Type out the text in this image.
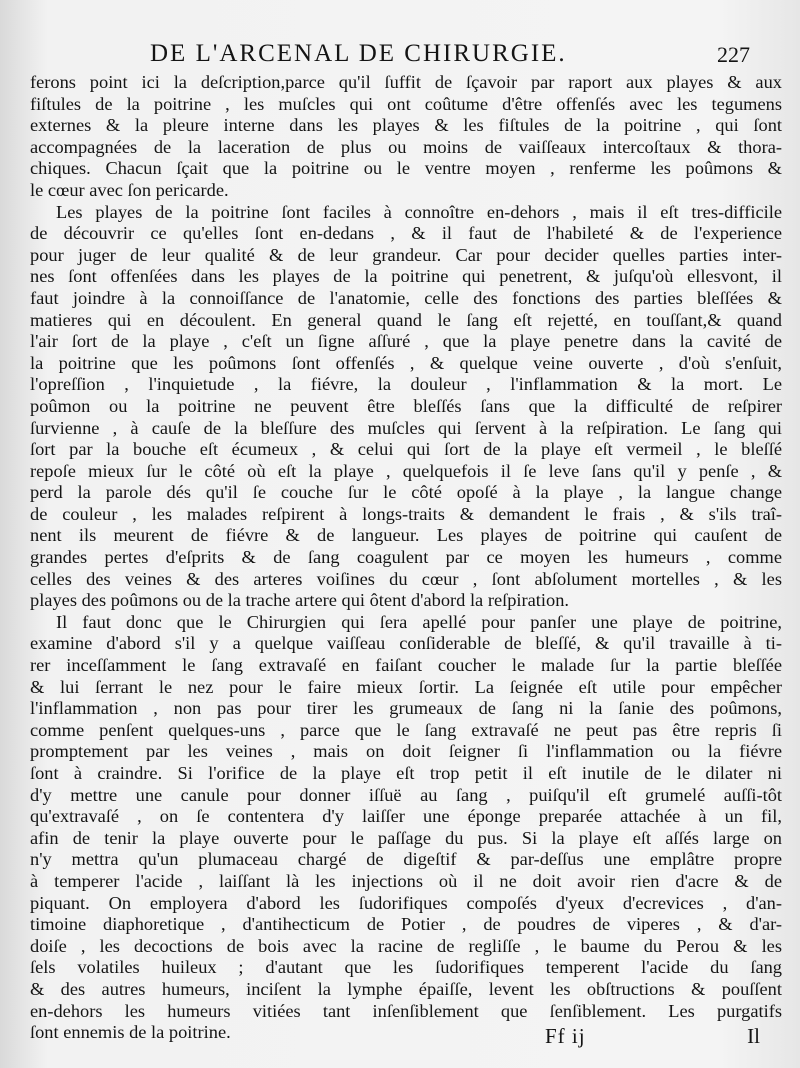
DE L'ARCENAL DE CHIRURGIE.	227
ferons point ici la deſcription,parce qu'il ſuffit de ſçavoir par raport aux playes & aux
fiſtules de la poitrine , les muſcles qui ont coûtume d'être offenſés avec les tegumens
externes & la pleure interne dans les playes & les fiſtules de la poitrine , qui ſont
accompagnées de la laceration de plus ou moins de vaiſſeaux intercoſtaux & thora-
chiques. Chacun ſçait que la poitrine ou le ventre moyen , renferme les poûmons &
le cœur avec ſon pericarde.
Les playes de la poitrine ſont faciles à connoître en-dehors , mais il eſt tres-difficile
de découvrir ce qu'elles ſont en-dedans , & il faut de l'habileté & de l'experience
pour juger de leur qualité & de leur grandeur. Car pour decider quelles parties inter-
nes ſont offenſées dans les playes de la poitrine qui penetrent, & juſqu'où ellesvont, il
faut joindre à la connoiſſance de l'anatomie, celle des fonctions des parties bleſſées &
matieres qui en découlent. En general quand le ſang eſt rejetté, en touſſant,& quand
l'air ſort de la playe , c'eſt un ſigne aſſuré , que la playe penetre dans la cavité de
la poitrine que les poûmons ſont offenſés , & quelque veine ouverte , d'où s'enſuit,
l'opreſſion , l'inquietude , la fiévre, la douleur , l'inflammation & la mort. Le
poûmon ou la poitrine ne peuvent être bleſſés ſans que la difficulté de reſpirer
ſurvienne , à cauſe de la bleſſure des muſcles qui ſervent à la reſpiration. Le ſang qui
ſort par la bouche eſt écumeux , & celui qui ſort de la playe eſt vermeil , le bleſſé
repoſe mieux ſur le côté où eſt la playe , quelquefois il ſe leve ſans qu'il y penſe , &
perd la parole dés qu'il ſe couche ſur le côté opoſé à la playe , la langue change
de couleur , les malades reſpirent à longs-traits & demandent le frais , & s'ils traî-
nent ils meurent de fiévre & de langueur. Les playes de poitrine qui cauſent de
grandes pertes d'eſprits & de ſang coagulent par ce moyen les humeurs , comme
celles des veines & des arteres voiſines du cœur , ſont abſolument mortelles , & les
playes des poûmons ou de la trache artere qui ôtent d'abord la reſpiration.
Il faut donc que le Chirurgien qui ſera apellé pour panſer une playe de poitrine,
examine d'abord s'il y a quelque vaiſſeau conſiderable de bleſſé, & qu'il travaille à ti-
rer inceſſamment le ſang extravaſé en faiſant coucher le malade ſur la partie bleſſée
& lui ſerrant le nez pour le faire mieux ſortir. La ſeignée eſt utile pour empêcher
l'inflammation , non pas pour tirer les grumeaux de ſang ni la ſanie des poûmons,
comme penſent quelques-uns , parce que le ſang extravaſé ne peut pas être repris ſi
promptement par les veines , mais on doit ſeigner ſi l'inflammation ou la fiévre
ſont à craindre. Si l'orifice de la playe eſt trop petit il eſt inutile de le dilater ni
d'y mettre une canule pour donner iſſuë au ſang , puiſqu'il eſt grumelé auſſi-tôt
qu'extravaſé , on ſe contentera d'y laiſſer une éponge preparée attachée à un fil,
afin de tenir la playe ouverte pour le paſſage du pus. Si la playe eſt aſſés large on
n'y mettra qu'un plumaceau chargé de digeſtif & par-deſſus une emplâtre propre
à temperer l'acide , laiſſant là les injections où il ne doit avoir rien d'acre & de
piquant. On employera d'abord les ſudorifiques compoſés d'yeux d'ecrevices , d'an-
timoine diaphoretique , d'antihecticum de Potier , de poudres de viperes , & d'ar-
doiſe , les decoctions de bois avec la racine de regliſſe , le baume du Perou & les
ſels volatiles huileux ; d'autant que les ſudorifiques temperent l'acide du ſang
& des autres humeurs, inciſent la lymphe épaiſſe, levent les obſtructions & pouſſent
en-dehors les humeurs vitiées tant inſenſiblement que ſenſiblement. Les purgatifs
ſont ennemis de la poitrine.	Ff ij	Il
